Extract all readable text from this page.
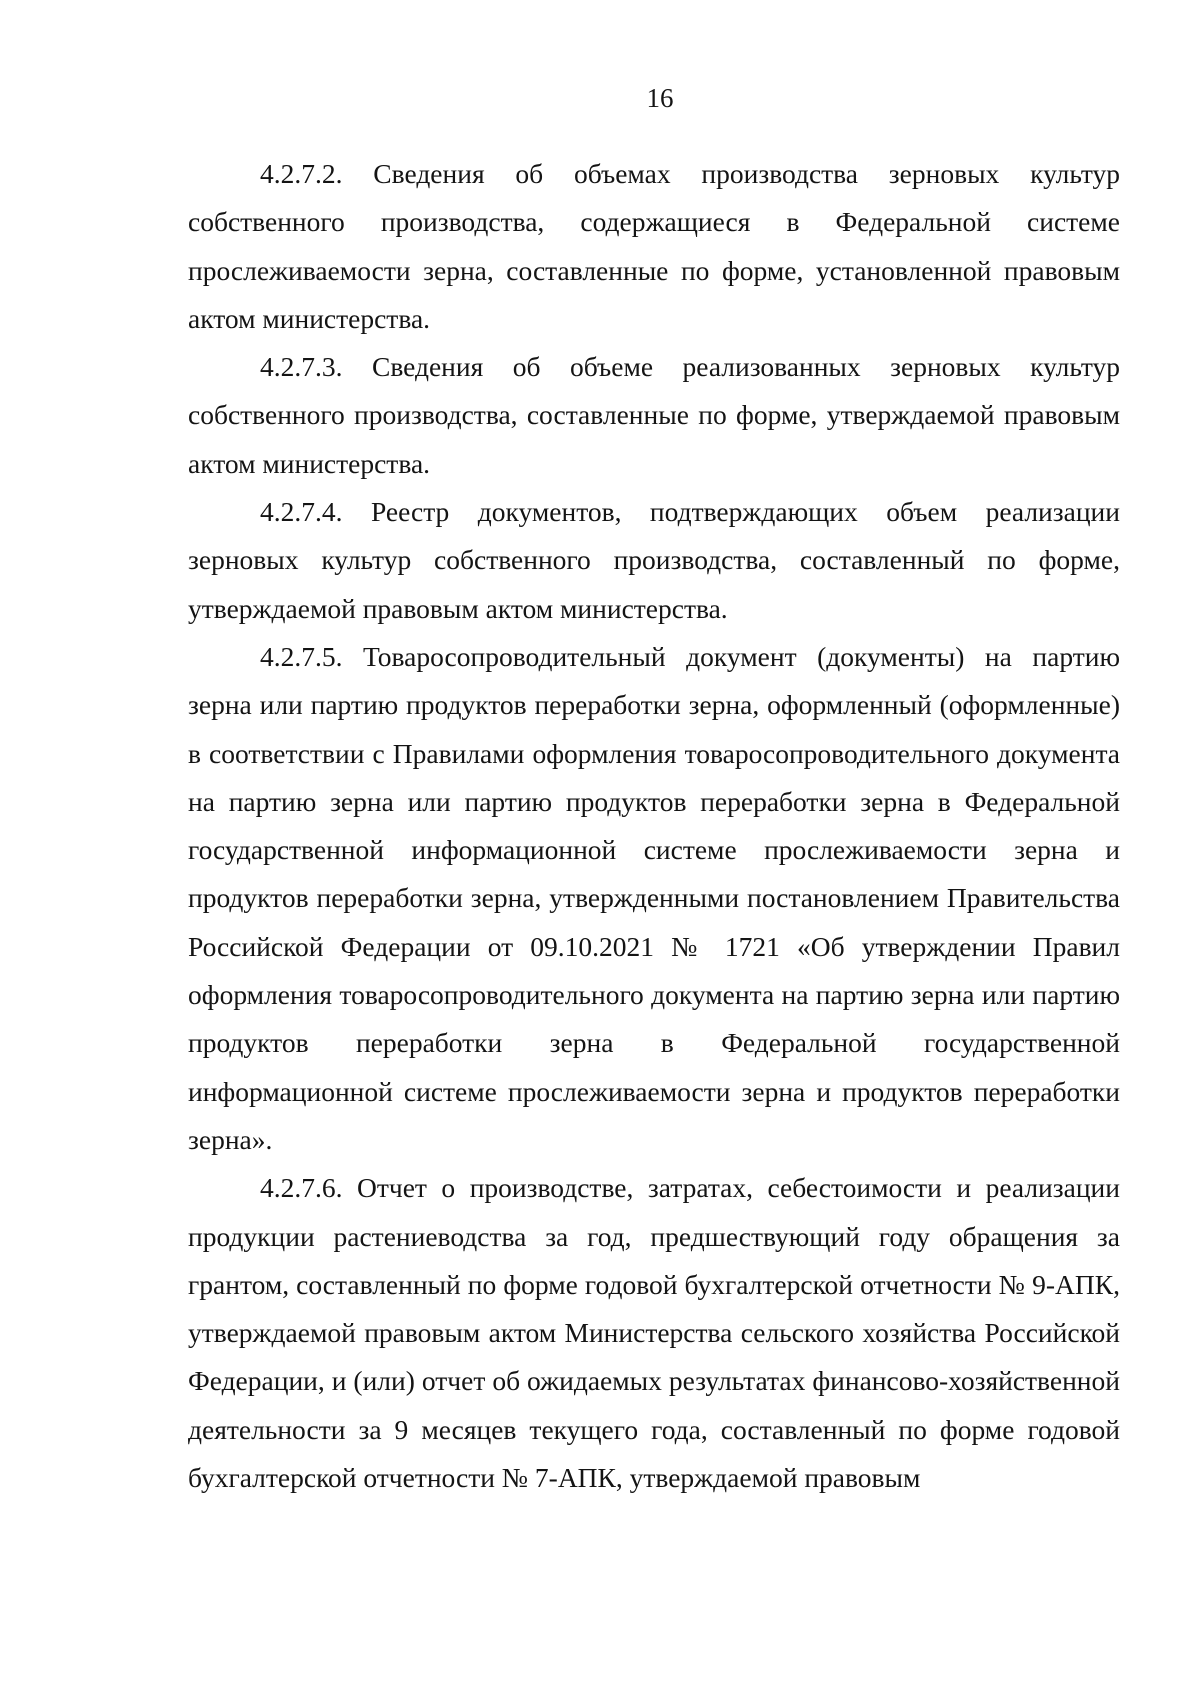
16

4.2.7.2. Сведения об объемах производства зерновых культур собственного производства, содержащиеся в Федеральной системе прослеживаемости зерна, составленные по форме, установленной правовым актом министерства.

4.2.7.3. Сведения об объеме реализованных зерновых культур собственного производства, составленные по форме, утверждаемой правовым актом министерства.

4.2.7.4. Реестр документов, подтверждающих объем реализации зерновых культур собственного производства, составленный по форме, утверждаемой правовым актом министерства.

4.2.7.5. Товаросопроводительный документ (документы) на партию зерна или партию продуктов переработки зерна, оформленный (оформленные) в соответствии с Правилами оформления товаросопроводительного документа на партию зерна или партию продуктов переработки зерна в Федеральной государственной информационной системе прослеживаемости зерна и продуктов переработки зерна, утвержденными постановлением Правительства Российской Федерации от 09.10.2021 № 1721 «Об утверждении Правил оформления товаросопроводительного документа на партию зерна или партию продуктов переработки зерна в Федеральной государственной информационной системе прослеживаемости зерна и продуктов переработки зерна».

4.2.7.6. Отчет о производстве, затратах, себестоимости и реализации продукции растениеводства за год, предшествующий году обращения за грантом, составленный по форме годовой бухгалтерской отчетности № 9-АПК, утверждаемой правовым актом Министерства сельского хозяйства Российской Федерации, и (или) отчет об ожидаемых результатах финансово-хозяйственной деятельности за 9 месяцев текущего года, составленный по форме годовой бухгалтерской отчетности № 7-АПК, утверждаемой правовым
